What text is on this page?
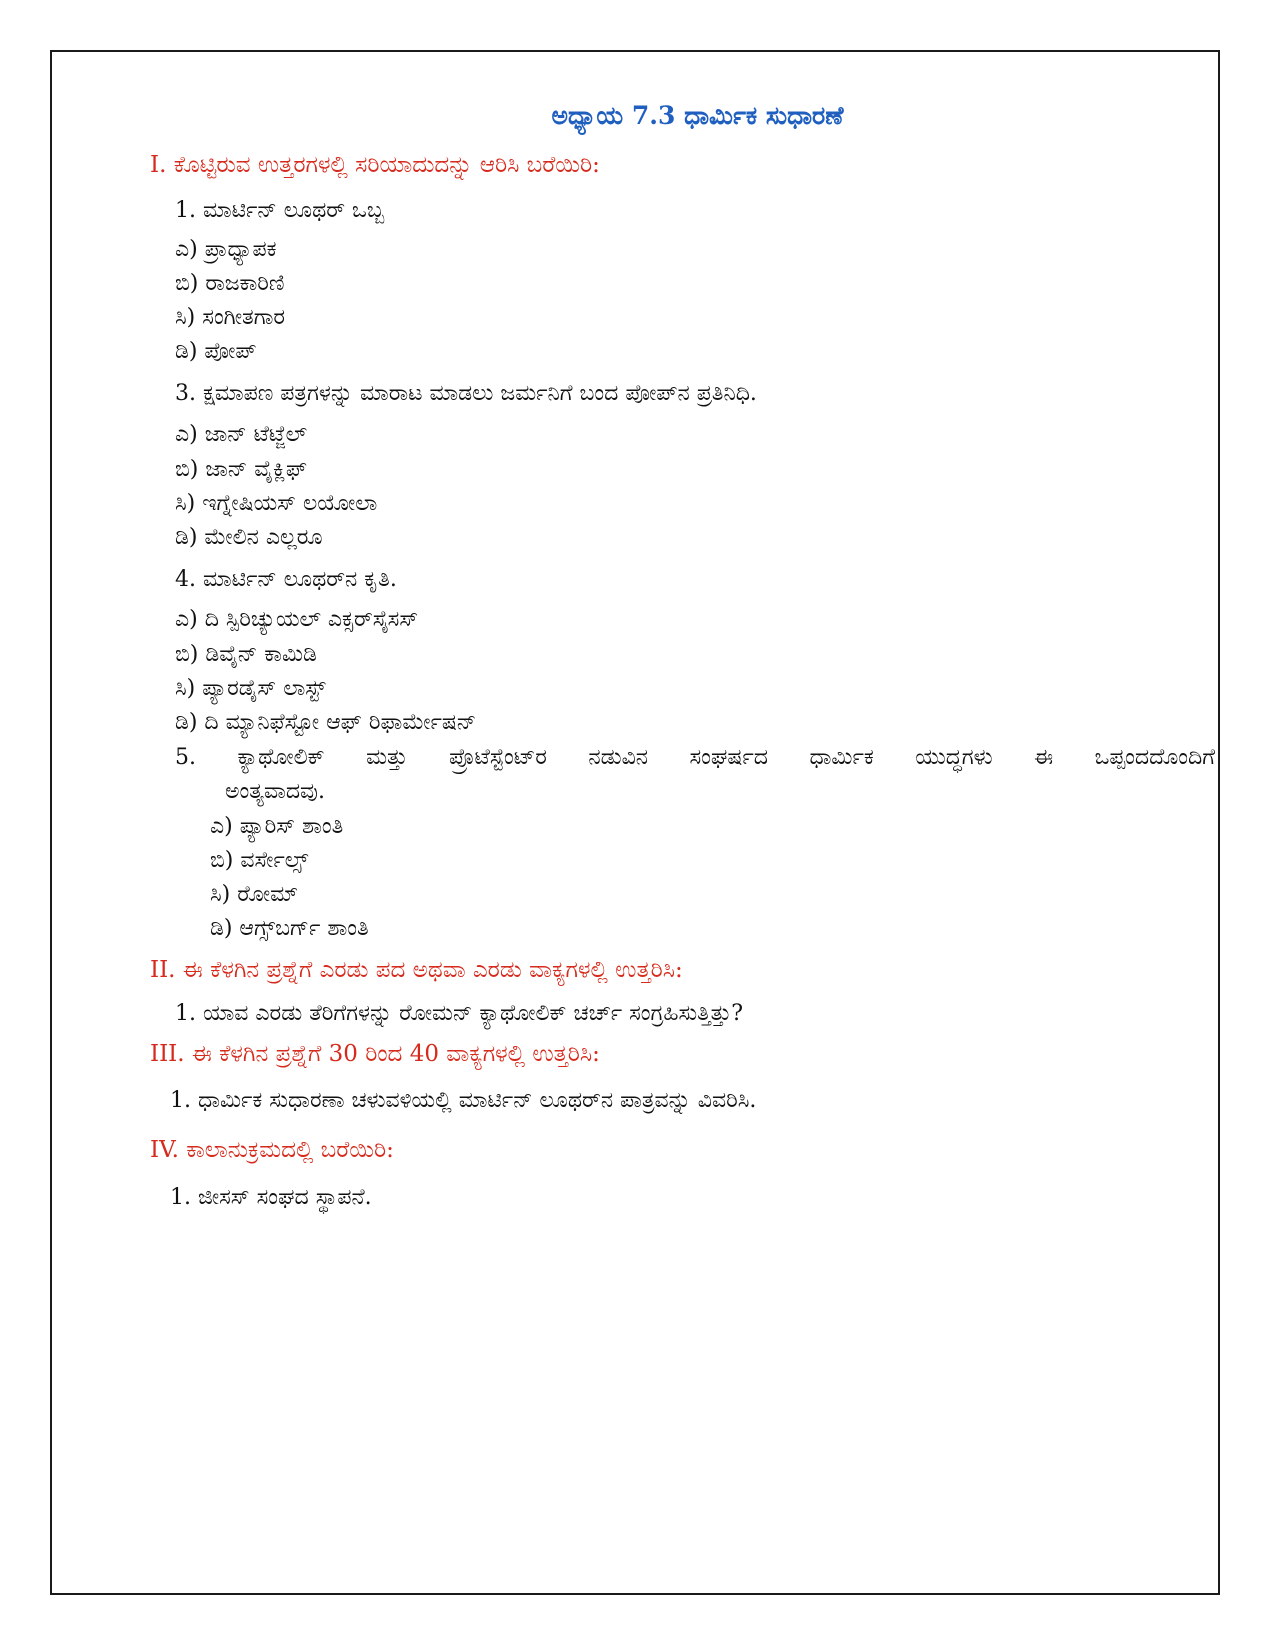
ಅಧ್ಯಾಯ 7.3 ಧಾರ್ಮಿಕ ಸುಧಾರಣೆ

I. ಕೊಟ್ಟಿರುವ ಉತ್ತರಗಳಲ್ಲಿ ಸರಿಯಾದುದನ್ನು ಆರಿಸಿ ಬರೆಯಿರಿ:

1. ಮಾರ್ಟಿನ್ ಲೂಥರ್ ಒಬ್ಬ

ಎ) ಪ್ರಾಧ್ಯಾಪಕ

ಬಿ) ರಾಜಕಾರಿಣಿ

ಸಿ) ಸಂಗೀತಗಾರ

ಡಿ) ಪೋಪ್

3. ಕ್ಷಮಾಪಣ ಪತ್ರಗಳನ್ನು ಮಾರಾಟ ಮಾಡಲು ಜರ್ಮನಿಗೆ ಬಂದ ಪೋಪ್‌ನ ಪ್ರತಿನಿಧಿ.

ಎ) ಜಾನ್ ಟೆಟ್ಜೆಲ್

ಬಿ) ಜಾನ್ ವೈಕ್ಲಿಫ್

ಸಿ) ಇಗ್ನೇಷಿಯಸ್ ಲಯೋಲಾ

ಡಿ) ಮೇಲಿನ ಎಲ್ಲರೂ

4. ಮಾರ್ಟಿನ್ ಲೂಥರ್‌ನ ಕೃತಿ.

ಎ) ದಿ ಸ್ಪಿರಿಚ್ಯುಯಲ್ ಎಕ್ಸರ್‌ಸೈಸಸ್

ಬಿ) ಡಿವೈನ್ ಕಾಮಿಡಿ

ಸಿ) ಪ್ಯಾರಡೈಸ್ ಲಾಸ್ಟ್

ಡಿ) ದಿ ಮ್ಯಾನಿಫೆಸ್ಟೋ ಆಫ್ ರಿಫಾರ್ಮೇಷನ್

5. ಕ್ಯಾಥೋಲಿಕ್ ಮತ್ತು ಪ್ರೊಟೆಸ್ಟೆಂಟ್‌ರ ನಡುವಿನ ಸಂಘರ್ಷದ ಧಾರ್ಮಿಕ ಯುದ್ಧಗಳು ಈ ಒಪ್ಪಂದದೊಂದಿಗೆ
ಅಂತ್ಯವಾದವು.

ಎ) ಪ್ಯಾರಿಸ್ ಶಾಂತಿ

ಬಿ) ವರ್ಸೇಲ್ಸ್

ಸಿ) ರೋಮ್

ಡಿ) ಆಗ್ಸ್‌ಬರ್ಗ್ ಶಾಂತಿ

II. ಈ ಕೆಳಗಿನ ಪ್ರಶ್ನೆಗೆ ಎರಡು ಪದ ಅಥವಾ ಎರಡು ವಾಕ್ಯಗಳಲ್ಲಿ ಉತ್ತರಿಸಿ:

1. ಯಾವ ಎರಡು ತೆರಿಗೆಗಳನ್ನು ರೋಮನ್ ಕ್ಯಾಥೋಲಿಕ್ ಚರ್ಚ್ ಸಂಗ್ರಹಿಸುತ್ತಿತ್ತು?

III. ಈ ಕೆಳಗಿನ ಪ್ರಶ್ನೆಗೆ 30 ರಿಂದ 40 ವಾಕ್ಯಗಳಲ್ಲಿ ಉತ್ತರಿಸಿ:

1. ಧಾರ್ಮಿಕ ಸುಧಾರಣಾ ಚಳುವಳಿಯಲ್ಲಿ ಮಾರ್ಟಿನ್ ಲೂಥರ್‌ನ ಪಾತ್ರವನ್ನು ವಿವರಿಸಿ.

IV. ಕಾಲಾನುಕ್ರಮದಲ್ಲಿ ಬರೆಯಿರಿ:

1. ಜೀಸಸ್ ಸಂಘದ ಸ್ಥಾಪನೆ.
